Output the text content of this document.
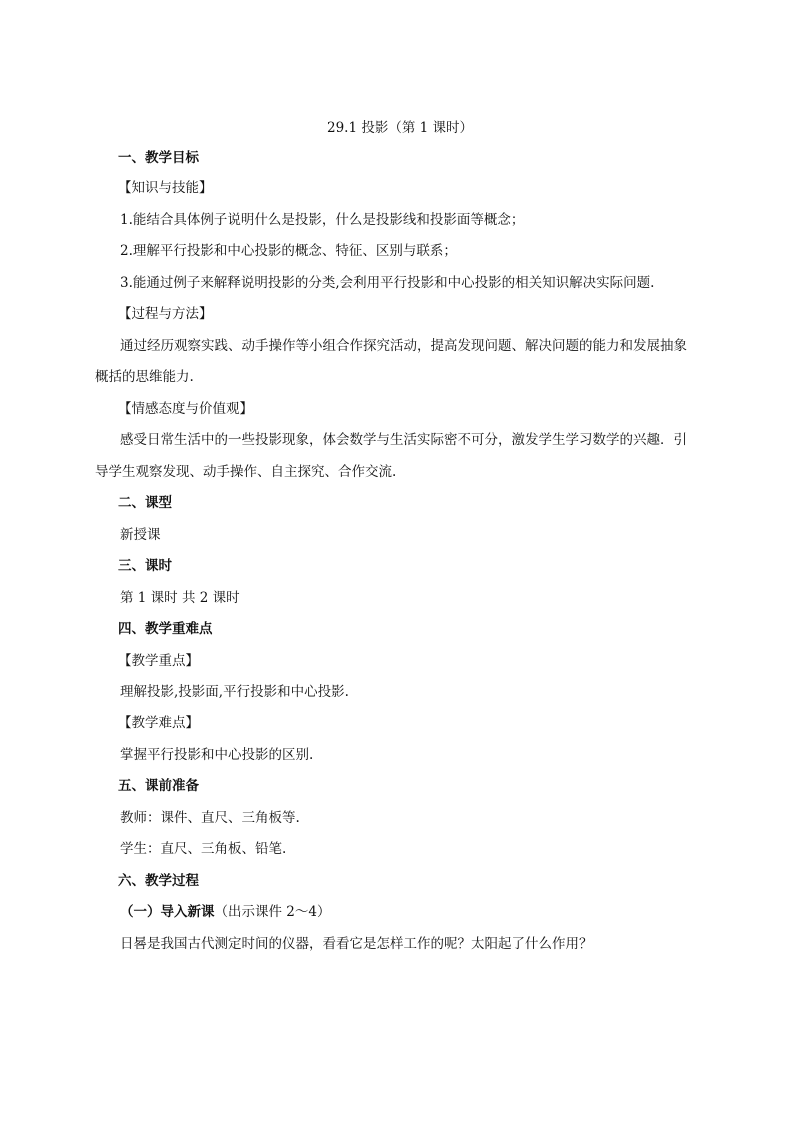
29.1 投影（第 1 课时）
一、教学目标
【知识与技能】
1.能结合具体例子说明什么是投影，什么是投影线和投影面等概念；
2.理解平行投影和中心投影的概念、特征、区别与联系；
3.能通过例子来解释说明投影的分类,会利用平行投影和中心投影的相关知识解决实际问题.
【过程与方法】
通过经历观察实践、动手操作等小组合作探究活动，提高发现问题、解决问题的能力和发展抽象
概括的思维能力.
【情感态度与价值观】
感受日常生活中的一些投影现象，体会数学与生活实际密不可分，激发学生学习数学的兴趣．引
导学生观察发现、动手操作、自主探究、合作交流.
二、课型
新授课
三、课时
第 1 课时 共 2 课时
四、教学重难点
【教学重点】
理解投影,投影面,平行投影和中心投影.
【教学难点】
掌握平行投影和中心投影的区别.
五、课前准备
教师：课件、直尺、三角板等.
学生：直尺、三角板、铅笔.
六、教学过程
（一）导入新课（出示课件 2～4）
日晷是我国古代测定时间的仪器，看看它是怎样工作的呢？太阳起了什么作用？
